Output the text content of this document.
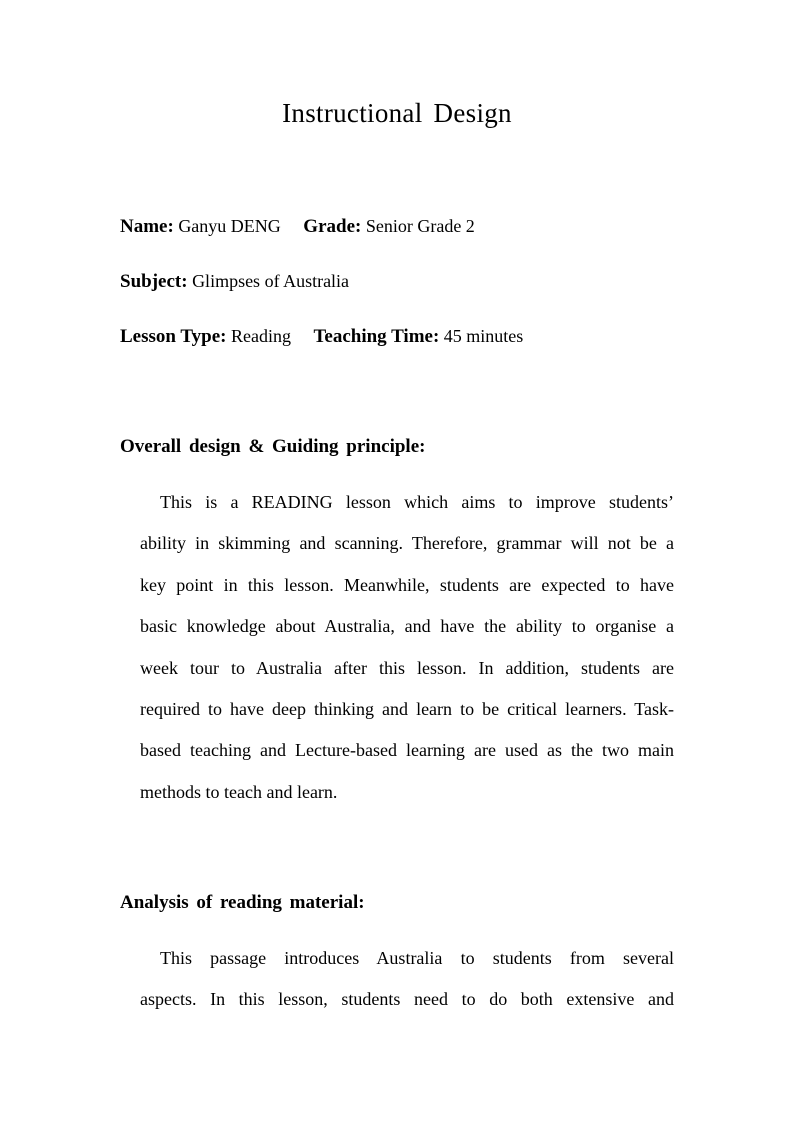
Instructional Design
Name: Ganyu DENG Grade: Senior Grade 2
Subject: Glimpses of Australia
Lesson Type: Reading Teaching Time: 45 minutes
Overall design & Guiding principle:
This is a READING lesson which aims to improve students’
ability in skimming and scanning. Therefore, grammar will not be a
key point in this lesson. Meanwhile, students are expected to have
basic knowledge about Australia, and have the ability to organise a
week tour to Australia after this lesson. In addition, students are
required to have deep thinking and learn to be critical learners. Task-
based teaching and Lecture-based learning are used as the two main
methods to teach and learn.
Analysis of reading material:
This passage introduces Australia to students from several
aspects. In this lesson, students need to do both extensive and
